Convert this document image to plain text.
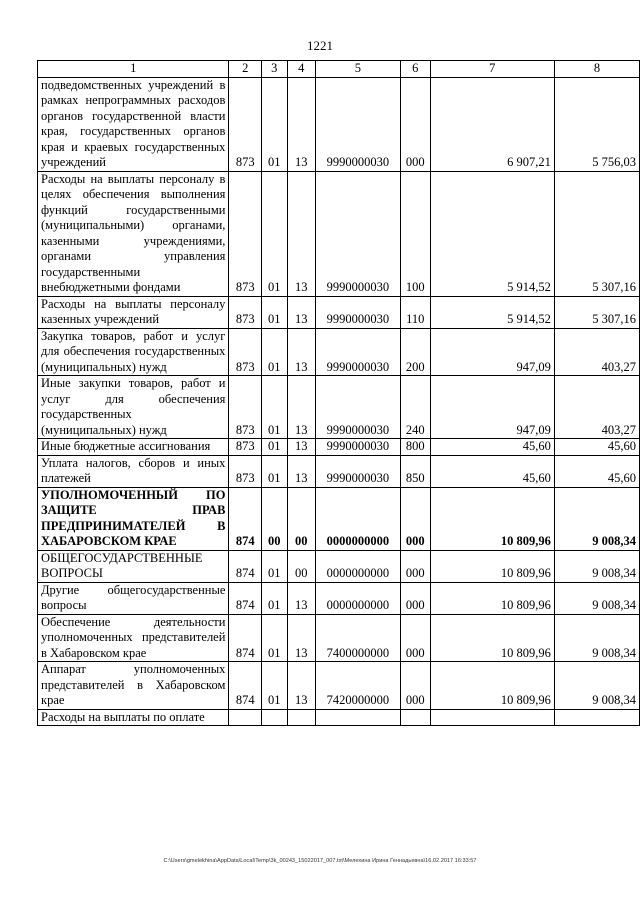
1221
1	2	3	4	5	6	7	8
подведомственных учреждений в рамках непрограммных расходов органов государственной власти края, государственных органов края и краевых государственных учреждений	873	01	13	9990000030	000	6 907,21	5 756,03
Расходы на выплаты персоналу в целях обеспечения выполнения функций государственными (муниципальными) органами, казенными учреждениями, органами управления государственными внебюджетными фондами	873	01	13	9990000030	100	5 914,52	5 307,16
Расходы на выплаты персоналу казенных учреждений	873	01	13	9990000030	110	5 914,52	5 307,16
Закупка товаров, работ и услуг для обеспечения государственных (муниципальных) нужд	873	01	13	9990000030	200	947,09	403,27
Иные закупки товаров, работ и услуг для обеспечения государственных (муниципальных) нужд	873	01	13	9990000030	240	947,09	403,27
Иные бюджетные ассигнования	873	01	13	9990000030	800	45,60	45,60
Уплата налогов, сборов и иных платежей	873	01	13	9990000030	850	45,60	45,60
УПОЛНОМОЧЕННЫЙ ПО ЗАЩИТЕ ПРАВ ПРЕДПРИНИМАТЕЛЕЙ В ХАБАРОВСКОМ КРАЕ	874	00	00	0000000000	000	10 809,96	9 008,34
ОБЩЕГОСУДАРСТВЕННЫЕ ВОПРОСЫ	874	01	00	0000000000	000	10 809,96	9 008,34
Другие общегосударственные вопросы	874	01	13	0000000000	000	10 809,96	9 008,34
Обеспечение деятельности уполномоченных представителей в Хабаровском крае	874	01	13	7400000000	000	10 809,96	9 008,34
Аппарат уполномоченных представителей в Хабаровском крае	874	01	13	7420000000	000	10 809,96	9 008,34
Расходы на выплаты по оплате							
C:\Users\gmelekhina\AppData\Local\Temp\3k_00243_15022017_007.txt\Мелехина Ирина Геннадьевна\16.02.2017 16:33:57
